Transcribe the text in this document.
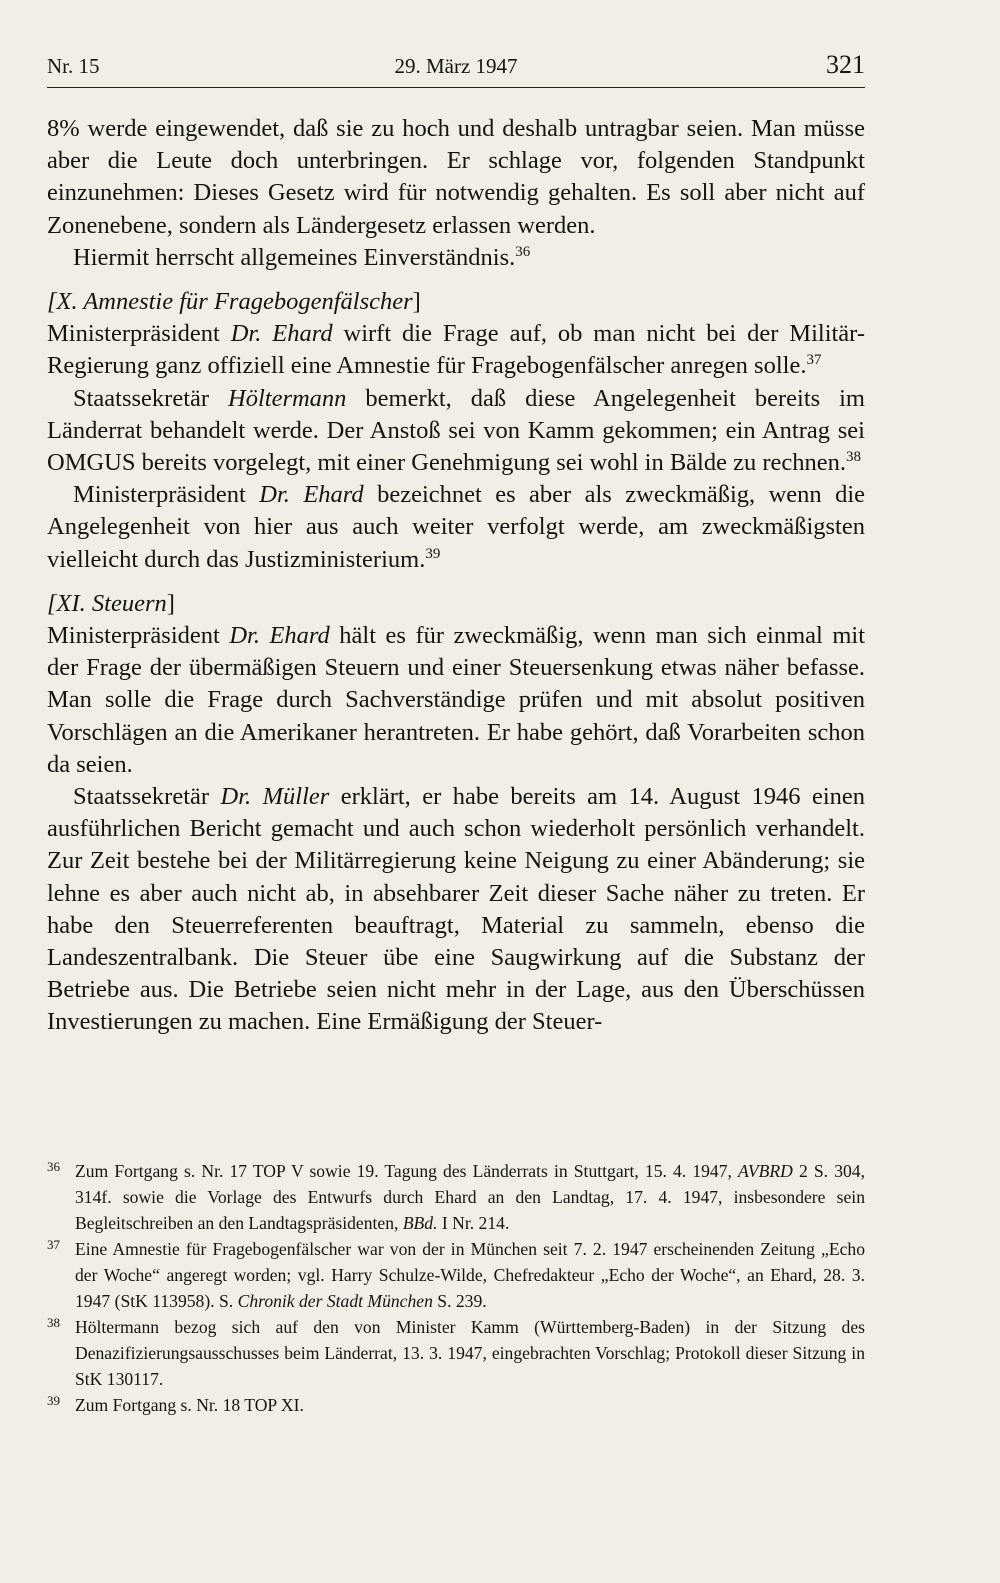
Nr. 15	29. März 1947	321

8% werde eingewendet, daß sie zu hoch und deshalb untragbar seien. Man müsse aber die Leute doch unterbringen. Er schlage vor, folgenden Standpunkt einzunehmen: Dieses Gesetz wird für notwendig gehalten. Es soll aber nicht auf Zonenebene, sondern als Ländergesetz erlassen werden.

Hiermit herrscht allgemeines Einverständnis.$^{36}$

[X. Amnestie für Fragebogenfälscher]

Ministerpräsident Dr. Ehard wirft die Frage auf, ob man nicht bei der Militär-Regierung ganz offiziell eine Amnestie für Fragebogenfälscher anregen solle.$^{37}$

Staatssekretär Höltermann bemerkt, daß diese Angelegenheit bereits im Länderrat behandelt werde. Der Anstoß sei von Kamm gekommen; ein Antrag sei OMGUS bereits vorgelegt, mit einer Genehmigung sei wohl in Bälde zu rechnen.$^{38}$

Ministerpräsident Dr. Ehard bezeichnet es aber als zweckmäßig, wenn die Angelegenheit von hier aus auch weiter verfolgt werde, am zweckmäßigsten vielleicht durch das Justizministerium.$^{39}$

[XI. Steuern]

Ministerpräsident Dr. Ehard hält es für zweckmäßig, wenn man sich einmal mit der Frage der übermäßigen Steuern und einer Steuersenkung etwas näher befasse. Man solle die Frage durch Sachverständige prüfen und mit absolut positiven Vorschlägen an die Amerikaner herantreten. Er habe gehört, daß Vorarbeiten schon da seien.

Staatssekretär Dr. Müller erklärt, er habe bereits am 14. August 1946 einen ausführlichen Bericht gemacht und auch schon wiederholt persönlich verhandelt. Zur Zeit bestehe bei der Militärregierung keine Neigung zu einer Abänderung; sie lehne es aber auch nicht ab, in absehbarer Zeit dieser Sache näher zu treten. Er habe den Steuerreferenten beauftragt, Material zu sammeln, ebenso die Landeszentralbank. Die Steuer übe eine Saugwirkung auf die Substanz der Betriebe aus. Die Betriebe seien nicht mehr in der Lage, aus den Überschüssen Investierungen zu machen. Eine Ermäßigung der Steuer-

36 Zum Fortgang s. Nr. 17 TOP V sowie 19. Tagung des Länderrats in Stuttgart, 15. 4. 1947, AVBRD 2 S. 304, 314f. sowie die Vorlage des Entwurfs durch Ehard an den Landtag, 17. 4. 1947, insbesondere sein Begleitschreiben an den Landtagspräsidenten, BBd. I Nr. 214.

37 Eine Amnestie für Fragebogenfälscher war von der in München seit 7. 2. 1947 erscheinenden Zeitung „Echo der Woche“ angeregt worden; vgl. Harry Schulze-Wilde, Chefredakteur „Echo der Woche“, an Ehard, 28. 3. 1947 (StK 113958). S. Chronik der Stadt München S. 239.

38 Höltermann bezog sich auf den von Minister Kamm (Württemberg-Baden) in der Sitzung des Denazifizierungsausschusses beim Länderrat, 13. 3. 1947, eingebrachten Vorschlag; Protokoll dieser Sitzung in StK 130117.

39 Zum Fortgang s. Nr. 18 TOP XI.
